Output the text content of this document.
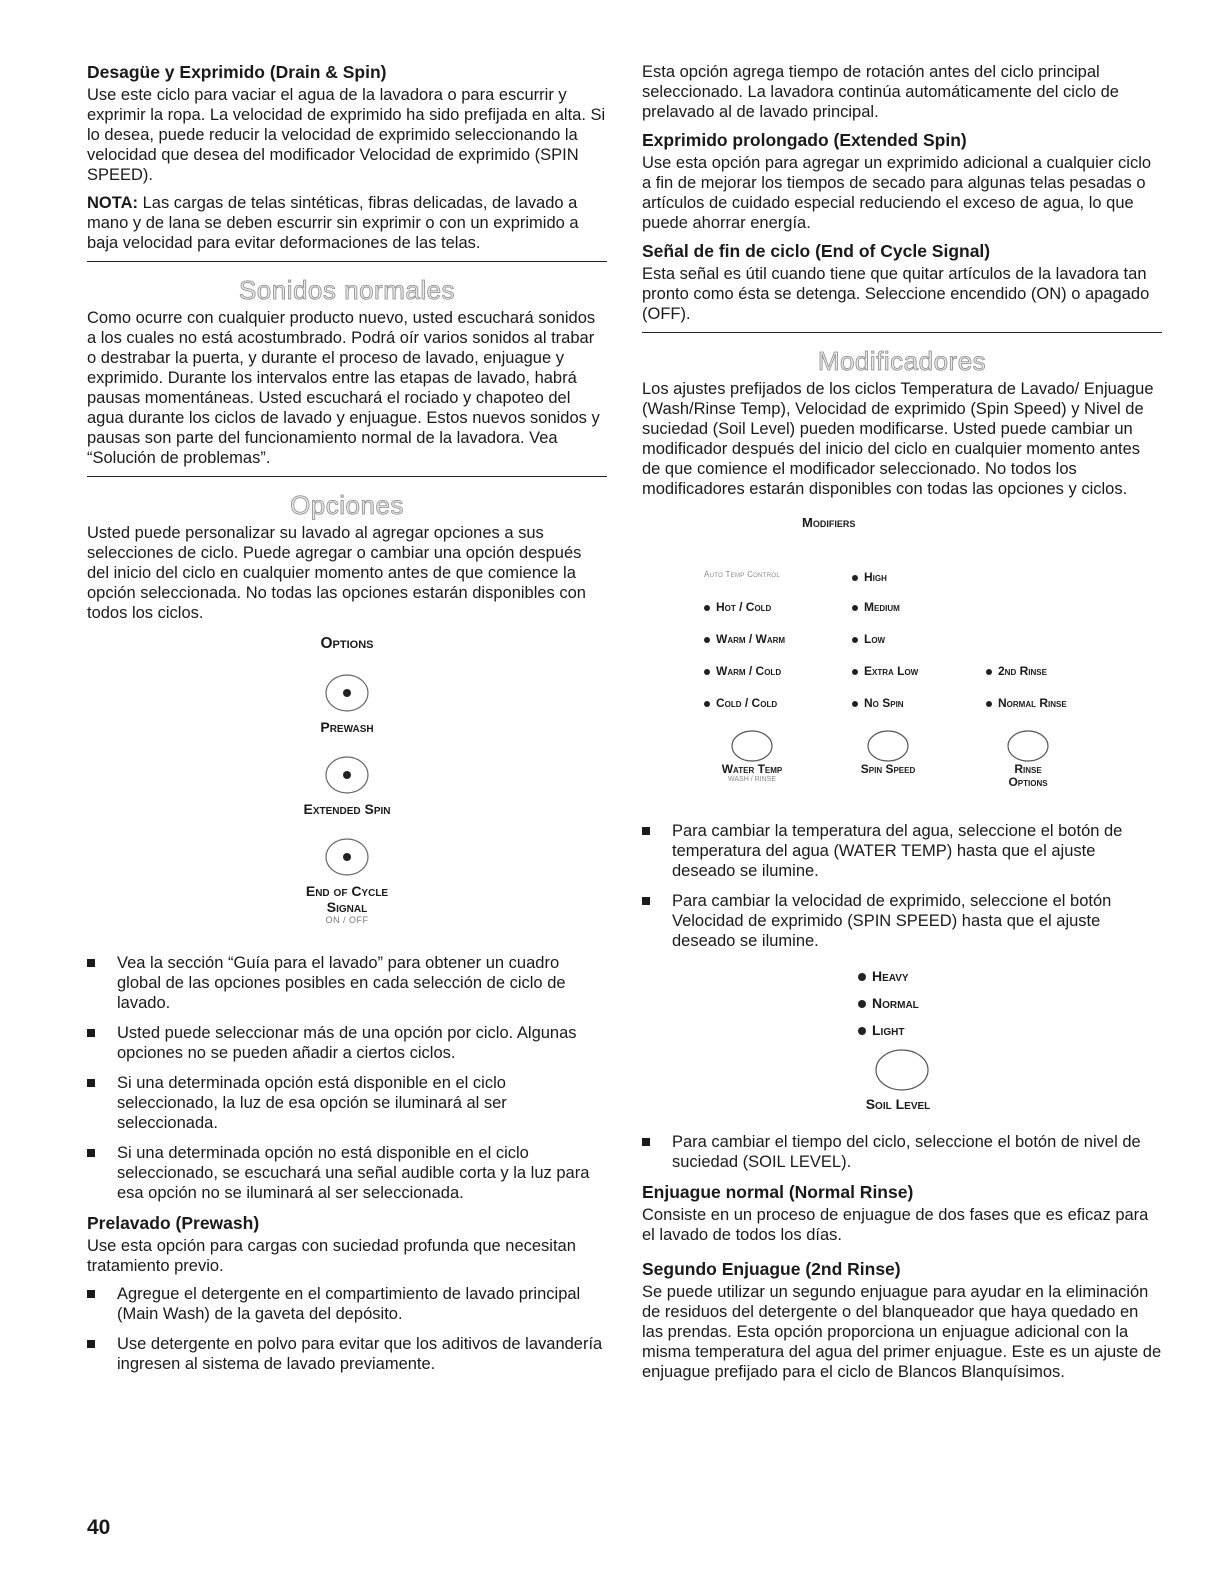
Desagüe y Exprimido (Drain & Spin)

Use este ciclo para vaciar el agua de la lavadora o para escurrir y exprimir la ropa. La velocidad de exprimido ha sido prefijada en alta. Si lo desea, puede reducir la velocidad de exprimido seleccionando la velocidad que desea del modificador Velocidad de exprimido (SPIN SPEED).

NOTA: Las cargas de telas sintéticas, fibras delicadas, de lavado a mano y de lana se deben escurrir sin exprimir o con un exprimido a baja velocidad para evitar deformaciones de las telas.

Sonidos normales

Como ocurre con cualquier producto nuevo, usted escuchará sonidos a los cuales no está acostumbrado. Podrá oír varios sonidos al trabar o destrabar la puerta, y durante el proceso de lavado, enjuague y exprimido. Durante los intervalos entre las etapas de lavado, habrá pausas momentáneas. Usted escuchará el rociado y chapoteo del agua durante los ciclos de lavado y enjuague. Estos nuevos sonidos y pausas son parte del funcionamiento normal de la lavadora. Vea “Solución de problemas”.

Opciones

Usted puede personalizar su lavado al agregar opciones a sus selecciones de ciclo. Puede agregar o cambiar una opción después del inicio del ciclo en cualquier momento antes de que comience la opción seleccionada. No todas las opciones estarán disponibles con todos los ciclos.

Options
Prewash
Extended Spin
End of Cycle
Signal
ON / OFF
Vea la sección “Guía para el lavado” para obtener un cuadro global de las opciones posibles en cada selección de ciclo de lavado.
Usted puede seleccionar más de una opción por ciclo. Algunas opciones no se pueden añadir a ciertos ciclos.
Si una determinada opción está disponible en el ciclo seleccionado, la luz de esa opción se iluminará al ser seleccionada.
Si una determinada opción no está disponible en el ciclo seleccionado, se escuchará una señal audible corta y la luz para esa opción no se iluminará al ser seleccionada.
Prelavado (Prewash)

Use esta opción para cargas con suciedad profunda que necesitan tratamiento previo.

Agregue el detergente en el compartimiento de lavado principal (Main Wash) de la gaveta del depósito.
Use detergente en polvo para evitar que los aditivos de lavandería ingresen al sistema de lavado previamente.
40

Esta opción agrega tiempo de rotación antes del ciclo principal seleccionado. La lavadora continúa automáticamente del ciclo de prelavado al de lavado principal.

Exprimido prolongado (Extended Spin)

Use esta opción para agregar un exprimido adicional a cualquier ciclo a fin de mejorar los tiempos de secado para algunas telas pesadas o artículos de cuidado especial reduciendo el exceso de agua, lo que puede ahorrar energía.

Señal de fin de ciclo (End of Cycle Signal)

Esta señal es útil cuando tiene que quitar artículos de la lavadora tan pronto como ésta se detenga. Seleccione encendido (ON) o apagado (OFF).

Modificadores

Los ajustes prefijados de los ciclos Temperatura de Lavado/ Enjuague (Wash/Rinse Temp), Velocidad de exprimido (Spin Speed) y Nivel de suciedad (Soil Level) pueden modificarse. Usted puede cambiar un modificador después del inicio del ciclo en cualquier momento antes de que comience el modificador seleccionado. No todos los modificadores estarán disponibles con todas las opciones y ciclos.

Modifiers
Auto Temp Control
Hot / Cold
Warm / Warm
Warm / Cold
Cold / Cold
High
Medium
Low
Extra Low
No Spin
2nd Rinse
Normal Rinse
Water Temp
WASH / RINSE
Spin Speed	Rinse
Options
Para cambiar la temperatura del agua, seleccione el botón de temperatura del agua (WATER TEMP) hasta que el ajuste deseado se ilumine.
Para cambiar la velocidad de exprimido, seleccione el botón Velocidad de exprimido (SPIN SPEED) hasta que el ajuste deseado se ilumine.
Heavy
Normal
Light
Soil Level
Para cambiar el tiempo del ciclo, seleccione el botón de nivel de suciedad (SOIL LEVEL).
Enjuague normal (Normal Rinse)

Consiste en un proceso de enjuague de dos fases que es eficaz para el lavado de todos los días.

Segundo Enjuague (2nd Rinse)

Se puede utilizar un segundo enjuague para ayudar en la eliminación de residuos del detergente o del blanqueador que haya quedado en las prendas. Esta opción proporciona un enjuague adicional con la misma temperatura del agua del primer enjuague. Este es un ajuste de enjuague prefijado para el ciclo de Blancos Blanquísimos.
